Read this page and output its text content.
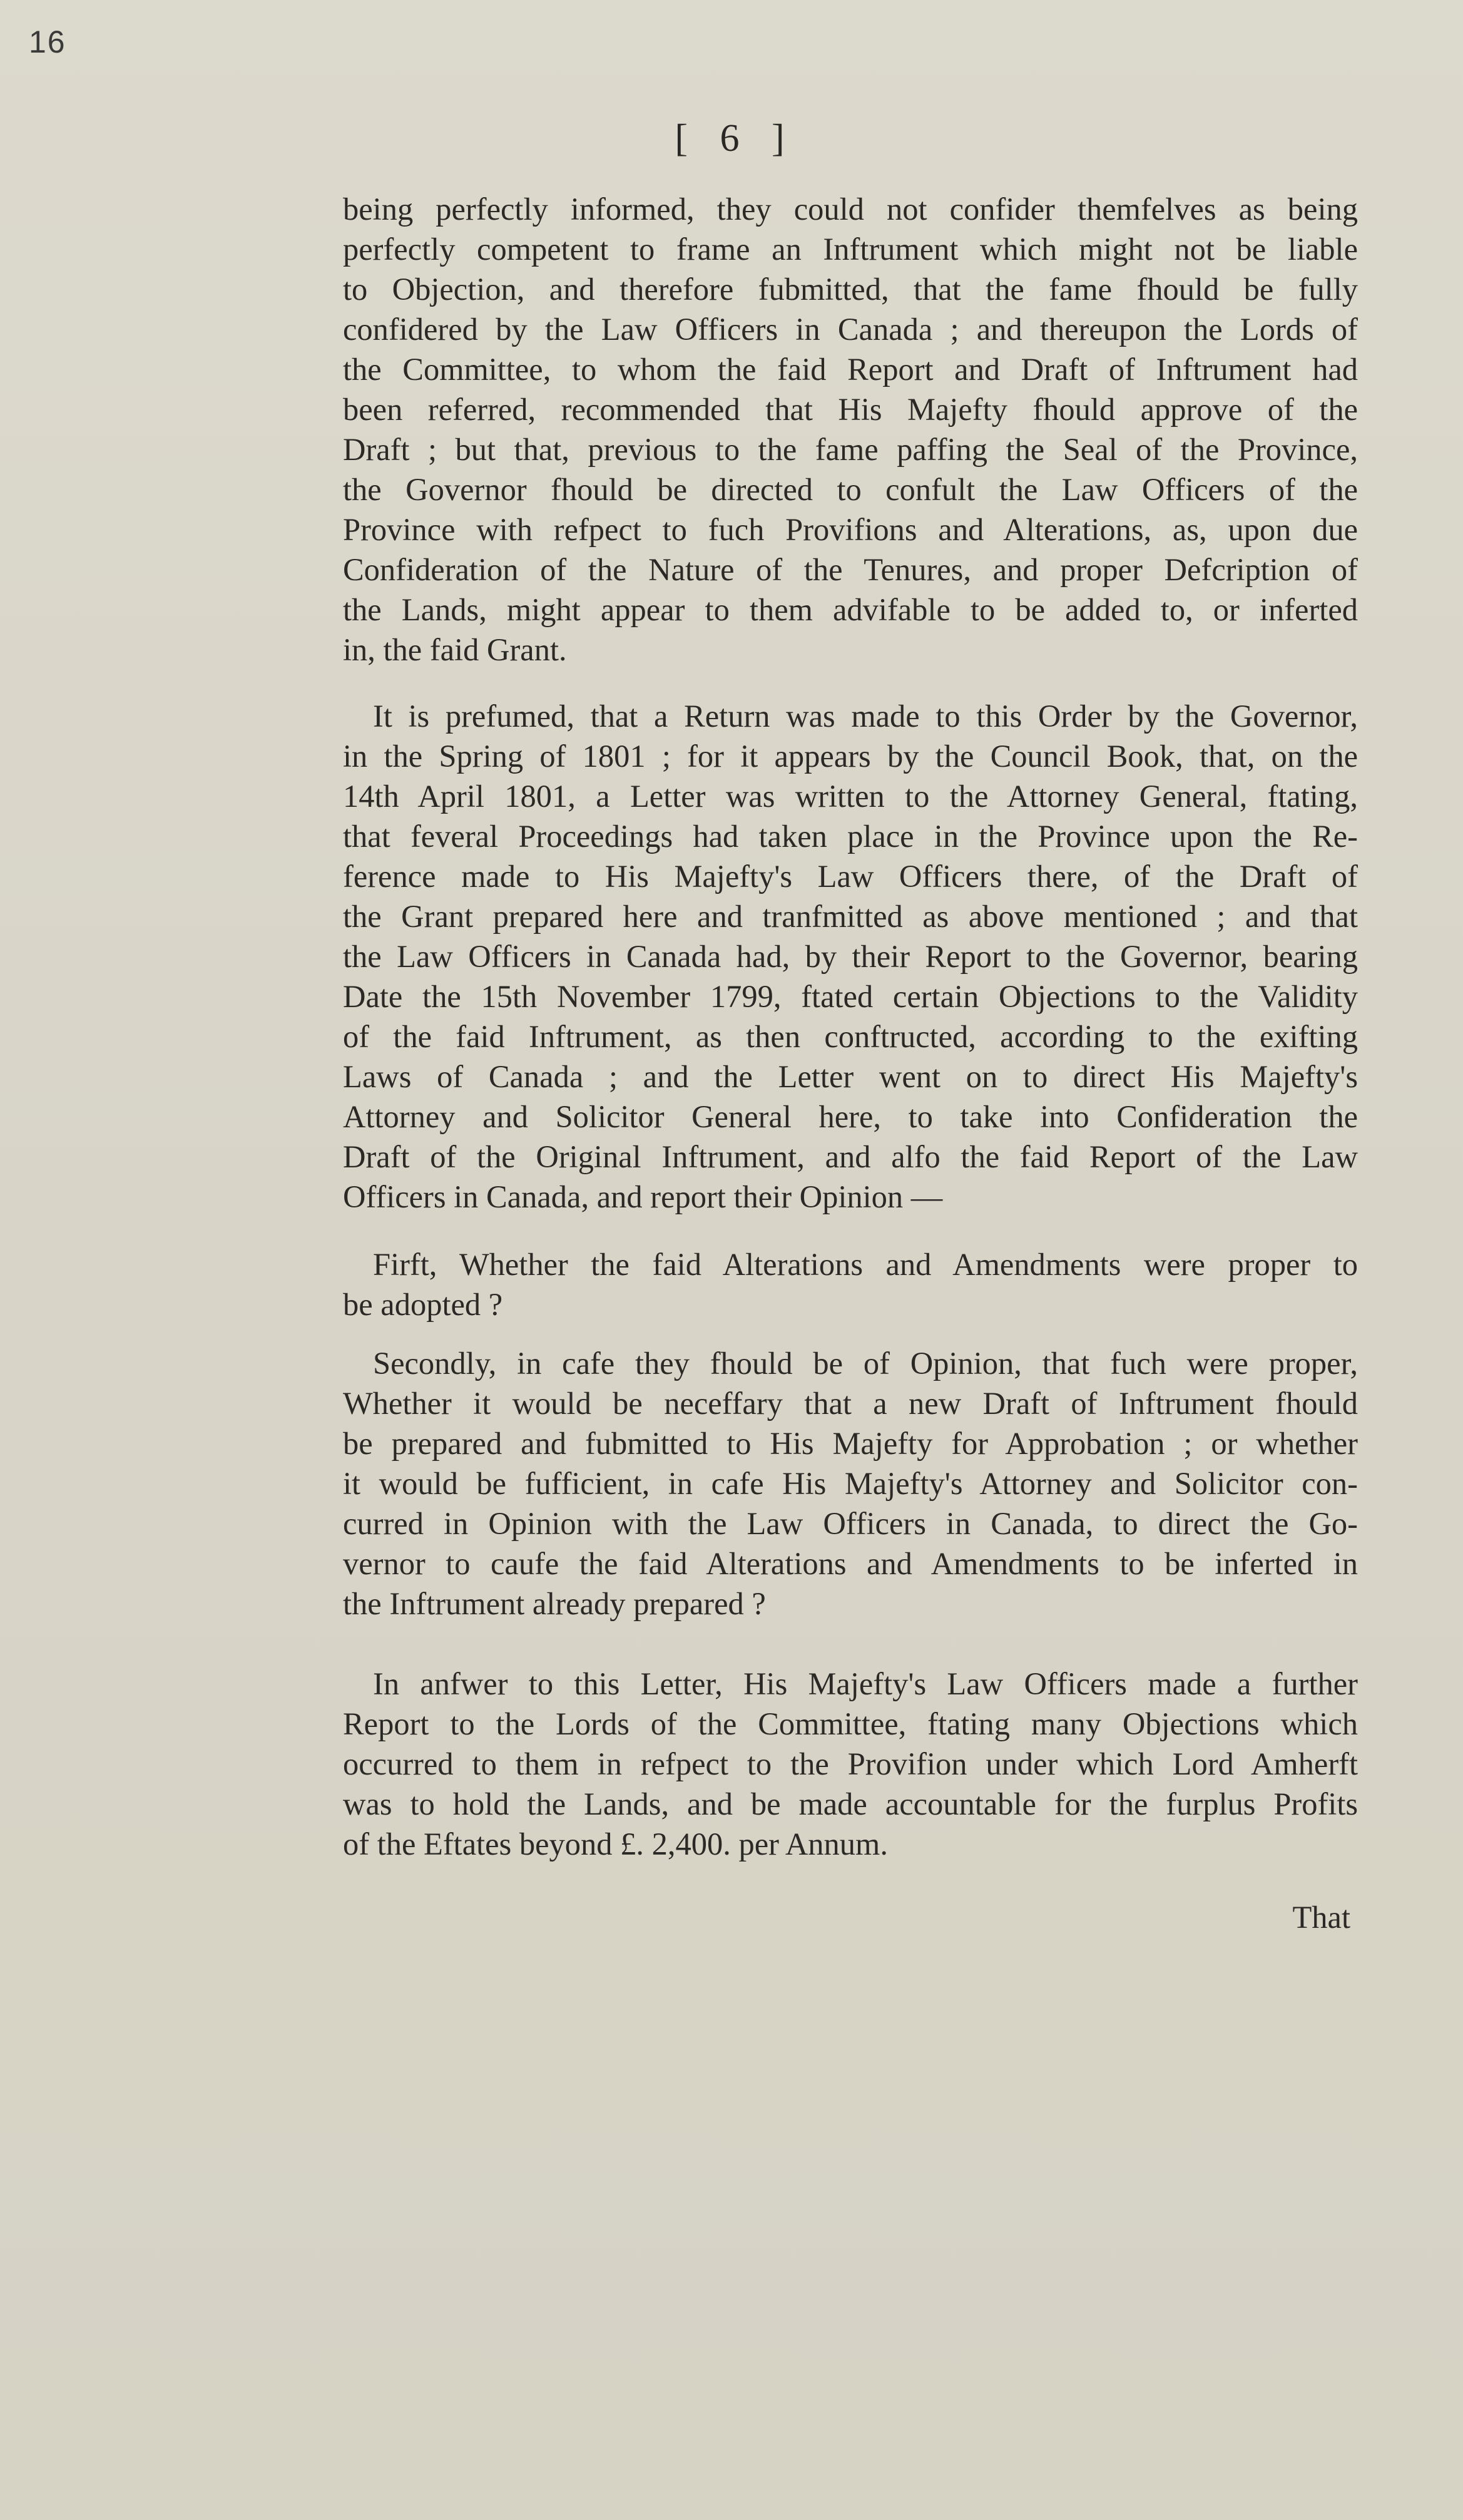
16
[ 6 ]
being perfectly informed, they could not confider themfelves as being
perfectly competent to frame an Inftrument which might not be liable
to Objection, and therefore fubmitted, that the fame fhould be fully
confidered by the Law Officers in Canada ; and thereupon the Lords of
the Committee, to whom the faid Report and Draft of Inftrument had
been referred, recommended that His Majefty fhould approve of the
Draft ; but that, previous to the fame paffing the Seal of the Province,
the Governor fhould be directed to confult the Law Officers of the
Province with refpect to fuch Provifions and Alterations, as, upon due
Confideration of the Nature of the Tenures, and proper Defcription of
the Lands, might appear to them advifable to be added to, or inferted
in, the faid Grant.
It is prefumed, that a Return was made to this Order by the Governor,
in the Spring of 1801 ; for it appears by the Council Book, that, on the
14th April 1801, a Letter was written to the Attorney General, ftating,
that feveral Proceedings had taken place in the Province upon the Re-
ference made to His Majefty's Law Officers there, of the Draft of
the Grant prepared here and tranfmitted as above mentioned ; and that
the Law Officers in Canada had, by their Report to the Governor, bearing
Date the 15th November 1799, ftated certain Objections to the Validity
of the faid Inftrument, as then conftructed, according to the exifting
Laws of Canada ; and the Letter went on to direct His Majefty's
Attorney and Solicitor General here, to take into Confideration the
Draft of the Original Inftrument, and alfo the faid Report of the Law
Officers in Canada, and report their Opinion —
Firft, Whether the faid Alterations and Amendments were proper to
be adopted ?
Secondly, in cafe they fhould be of Opinion, that fuch were proper,
Whether it would be neceffary that a new Draft of Inftrument fhould
be prepared and fubmitted to His Majefty for Approbation ; or whether
it would be fufficient, in cafe His Majefty's Attorney and Solicitor con-
curred in Opinion with the Law Officers in Canada, to direct the Go-
vernor to caufe the faid Alterations and Amendments to be inferted in
the Inftrument already prepared ?
In anfwer to this Letter, His Majefty's Law Officers made a further
Report to the Lords of the Committee, ftating many Objections which
occurred to them in refpect to the Provifion under which Lord Amherft
was to hold the Lands, and be made accountable for the furplus Profits
of the Eftates beyond £. 2,400. per Annum.
That
